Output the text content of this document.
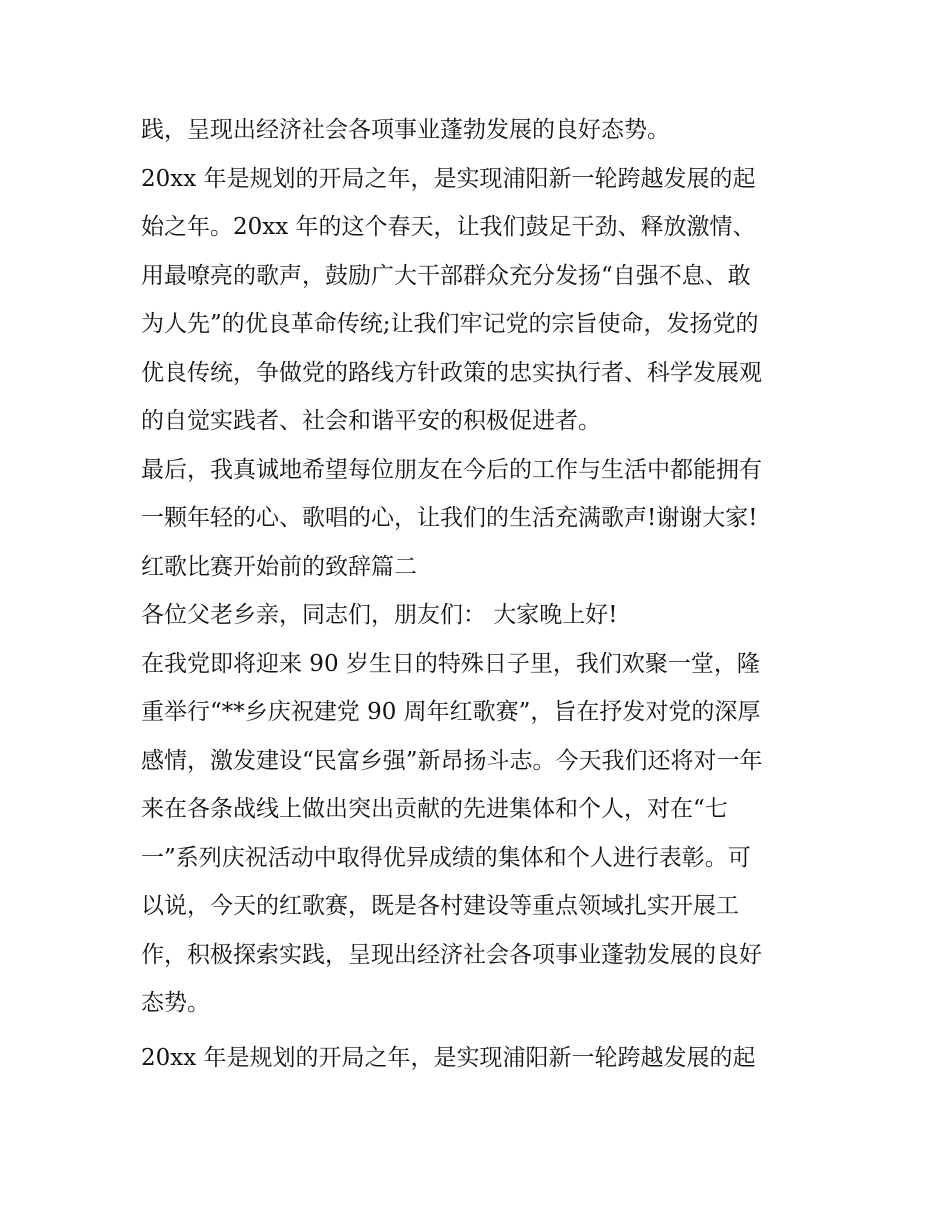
践，呈现出经济社会各项事业蓬勃发展的良好态势。
20xx 年是规划的开局之年，是实现浦阳新一轮跨越发展的起
始之年。20xx 年的这个春天，让我们鼓足干劲、释放激情、
用最嘹亮的歌声，鼓励广大干部群众充分发扬“自强不息、敢
为人先”的优良革命传统;让我们牢记党的宗旨使命，发扬党的
优良传统，争做党的路线方针政策的忠实执行者、科学发展观
的自觉实践者、社会和谐平安的积极促进者。
最后，我真诚地希望每位朋友在今后的工作与生活中都能拥有
一颗年轻的心、歌唱的心，让我们的生活充满歌声!谢谢大家!
红歌比赛开始前的致辞篇二
各位父老乡亲，同志们，朋友们： 大家晚上好!
在我党即将迎来 90 岁生日的特殊日子里，我们欢聚一堂，隆
重举行“**乡庆祝建党 90 周年红歌赛”，旨在抒发对党的深厚
感情，激发建设“民富乡强”新昂扬斗志。今天我们还将对一年
来在各条战线上做出突出贡献的先进集体和个人，对在“七
一”系列庆祝活动中取得优异成绩的集体和个人进行表彰。可
以说，今天的红歌赛，既是各村建设等重点领域扎实开展工
作，积极探索实践，呈现出经济社会各项事业蓬勃发展的良好
态势。
20xx 年是规划的开局之年，是实现浦阳新一轮跨越发展的起
